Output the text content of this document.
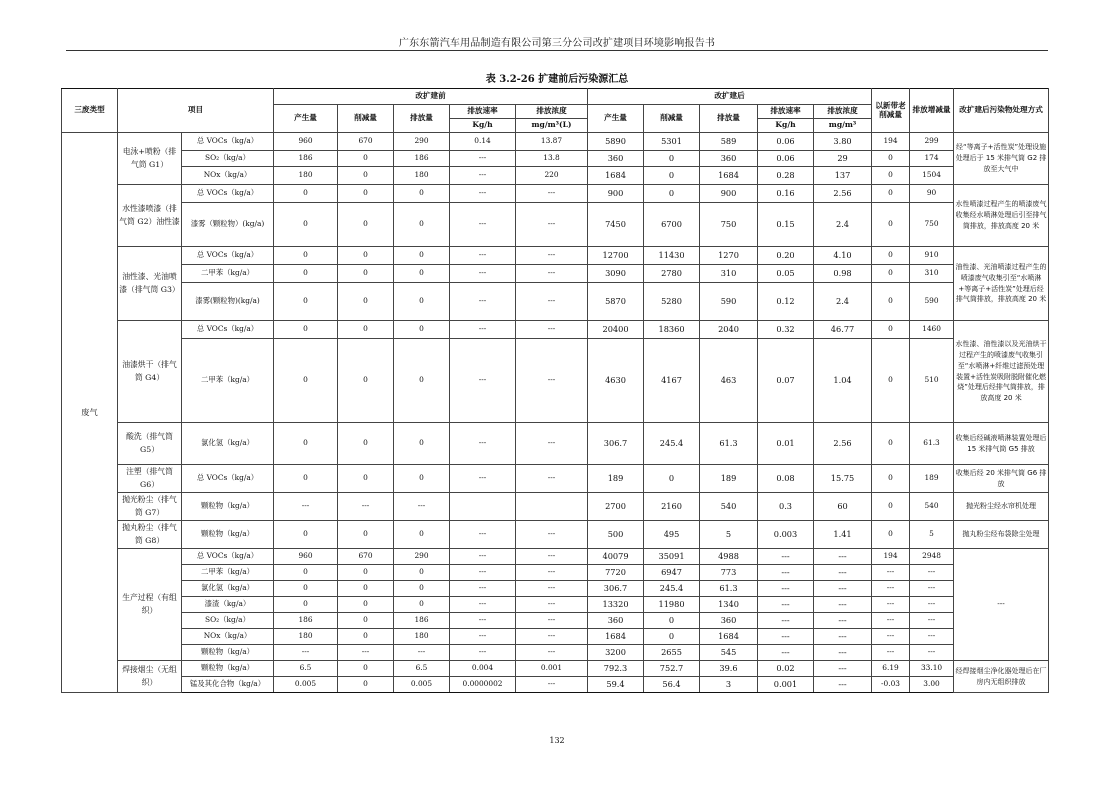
广东东箭汽车用品制造有限公司第三分公司改扩建项目环境影响报告书
表 3.2-26 扩建前后污染源汇总
三废类型	项目		改扩建前					改扩建后					以新带老削减量	排放增减量	改扩建后污染物处理方式
			产生量	削减量	排放量	排放速率	排放浓度	产生量	削减量	排放量	排放速率	排放浓度			
						Kg/h	mg/m³(L)				Kg/h	mg/m³			
废气	电泳+喷粉（排气筒 G1）	总 VOCs（kg/a）	960	670	290	0.14	13.87	5890	5301	589	0.06	3.80	194	299	经“等离子+活性炭”处理设施处理后于 15 米排气筒 G2 排放至大气中
		SO₂（kg/a）	186	0	186	---	13.8	360	0	360	0.06	29	0	174	
		NOx（kg/a）	180	0	180	---	220	1684	0	1684	0.28	137	0	1504	
	水性漆喷漆（排气筒 G2）油性漆	总 VOCs（kg/a）	0	0	0	---	---	900	0	900	0.16	2.56	0	90	水性喷漆过程产生的喷漆废气收集经水喷淋处理后引至排气筒排放，排放高度 20 米
		漆雾（颗粒物）(kg/a)	0	0	0	---	---	7450	6700	750	0.15	2.4	0	750	
	油性漆、光油喷漆（排气筒 G3）	总 VOCs（kg/a）	0	0	0	---	---	12700	11430	1270	0.20	4.10	0	910	油性漆、光油喷漆过程产生的喷漆废气收集引至“水喷淋+等离子+活性炭”处理后经排气筒排放，排放高度 20 米
		二甲苯（kg/a）	0	0	0	---	---	3090	2780	310	0.05	0.98	0	310	
		漆雾(颗粒物)(kg/a)	0	0	0	---	---	5870	5280	590	0.12	2.4	0	590	
	油漆烘干（排气筒 G4）	总 VOCs（kg/a）	0	0	0	---	---	20400	18360	2040	0.32	46.77	0	1460	水性漆、油性漆以及光油烘干过程产生的喷漆废气收集引至“水喷淋+纤维过滤预处理装置+活性炭吸附脱附催化燃烧”处理后经排气筒排放，排放高度 20 米
		二甲苯（kg/a）	0	0	0	---	---	4630	4167	463	0.07	1.04	0	510	
	酸洗（排气筒 G5）	氯化氢（kg/a）	0	0	0	---	---	306.7	245.4	61.3	0.01	2.56	0	61.3	收集后经碱液喷淋装置处理后 15 米排气筒 G5 排放
	注塑（排气筒 G6）	总 VOCs（kg/a）	0	0	0	---	---	189	0	189	0.08	15.75	0	189	收集后经 20 米排气筒 G6 排放
	抛光粉尘（排气筒 G7）	颗粒物（kg/a）	---	---	---			2700	2160	540	0.3	60	0	540	抛光粉尘经水帘机处理
	抛丸粉尘（排气筒 G8）	颗粒物（kg/a）	0	0	0	---	---	500	495	5	0.003	1.41	0	5	抛丸粉尘经布袋除尘处理
	生产过程（有组织）	总 VOCs（kg/a）	960	670	290	---	---	40079	35091	4988	---	---	194	2948	---
		二甲苯（kg/a）	0	0	0	---	---	7720	6947	773	---	---	---	---	
		氯化氢（kg/a）	0	0	0	---	---	306.7	245.4	61.3	---	---	---	---	
		漆渣（kg/a）	0	0	0	---	---	13320	11980	1340	---	---	---	---	
		SO₂（kg/a）	186	0	186	---	---	360	0	360	---	---	---	---	
		NOx（kg/a）	180	0	180	---	---	1684	0	1684	---	---	---	---	
		颗粒物（kg/a）	---	---	---	---	---	3200	2655	545	---	---	---	---	
	焊接烟尘（无组织）	颗粒物（kg/a）	6.5	0	6.5	0.004	0.001	792.3	752.7	39.6	0.02	---	6.19	33.10	经焊接烟尘净化器处理后在厂房内无组织排放
		锰及其化合物（kg/a）	0.005	0	0.005	0.0000002	---	59.4	56.4	3	0.001	---	-0.03	3.00	
132
